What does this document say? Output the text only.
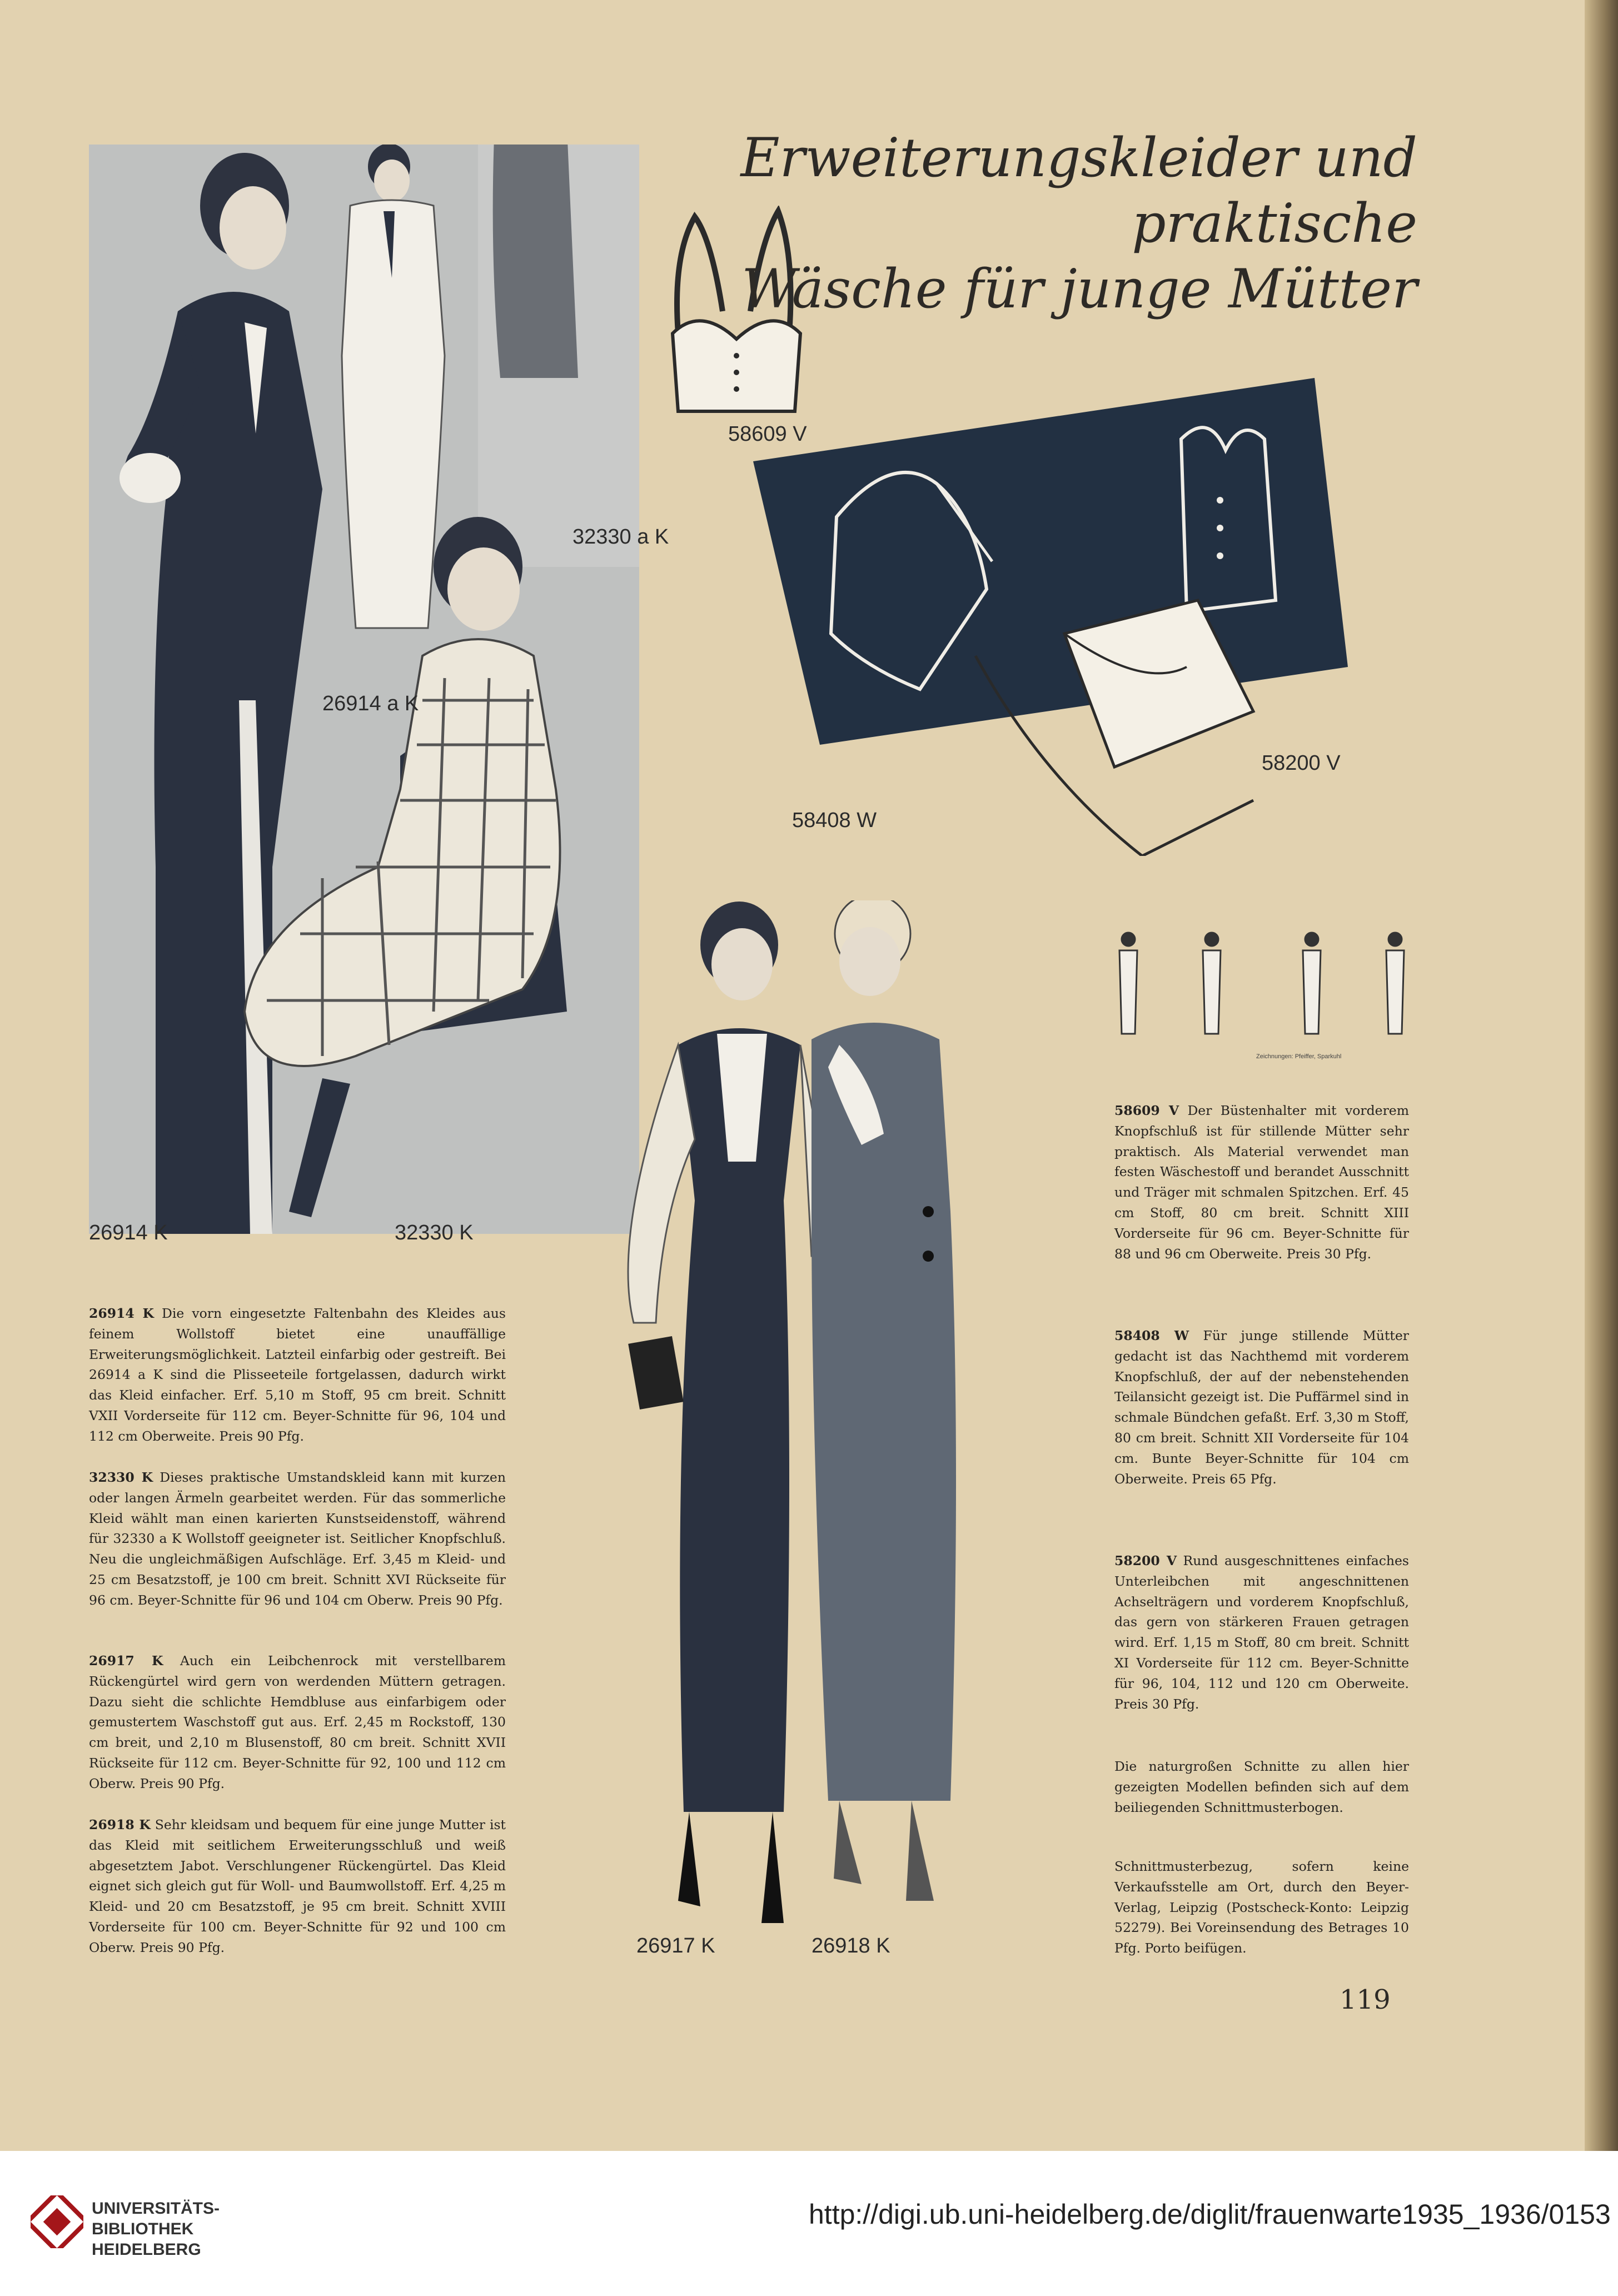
Erweiterungskleider und praktische
Wäsche für junge Mütter
58609 V
58408 W
58200 V
32330 a K
26914 a K
26914 K	32330 K
26917 K	26918 K
Zeichnungen: Pfeiffer, Sparkuhl
26914 K Die vorn eingesetzte Faltenbahn des Kleides aus feinem Wollstoff bietet eine unauffällige Erweiterungsmöglichkeit. Latzteil einfarbig oder gestreift. Bei 26914 a K sind die Plisseeteile fortgelassen, dadurch wirkt das Kleid einfacher. Erf. 5,10 m Stoff, 95 cm breit. Schnitt VXII Vorderseite für 112 cm. Beyer-Schnitte für 96, 104 und 112 cm Oberweite. Preis 90 Pfg.
32330 K Dieses praktische Umstandskleid kann mit kurzen oder langen Ärmeln gearbeitet werden. Für das sommerliche Kleid wählt man einen karierten Kunstseidenstoff, während für 32330 a K Wollstoff geeigneter ist. Seitlicher Knopfschluß. Neu die ungleichmäßigen Aufschläge. Erf. 3,45 m Kleid- und 25 cm Besatzstoff, je 100 cm breit. Schnitt XVI Rückseite für 96 cm. Beyer-Schnitte für 96 und 104 cm Oberw. Preis 90 Pfg.
26917 K Auch ein Leibchenrock mit verstellbarem Rückengürtel wird gern von werdenden Müttern getragen. Dazu sieht die schlichte Hemdbluse aus einfarbigem oder gemustertem Waschstoff gut aus. Erf. 2,45 m Rockstoff, 130 cm breit, und 2,10 m Blusenstoff, 80 cm breit. Schnitt XVII Rückseite für 112 cm. Beyer-Schnitte für 92, 100 und 112 cm Oberw. Preis 90 Pfg.
26918 K Sehr kleidsam und bequem für eine junge Mutter ist das Kleid mit seitlichem Erweiterungsschluß und weiß abgesetztem Jabot. Verschlungener Rückengürtel. Das Kleid eignet sich gleich gut für Woll- und Baumwollstoff. Erf. 4,25 m Kleid- und 20 cm Besatzstoff, je 95 cm breit. Schnitt XVIII Vorderseite für 100 cm. Beyer-Schnitte für 92 und 100 cm Oberw. Preis 90 Pfg.
58609 V Der Büstenhalter mit vorderem Knopfschluß ist für stillende Mütter sehr praktisch. Als Material verwendet man festen Wäschestoff und berandet Ausschnitt und Träger mit schmalen Spitzchen. Erf. 45 cm Stoff, 80 cm breit. Schnitt XIII Vorderseite für 96 cm. Beyer-Schnitte für 88 und 96 cm Oberweite. Preis 30 Pfg.
58408 W Für junge stillende Mütter gedacht ist das Nachthemd mit vorderem Knopfschluß, der auf der nebenstehenden Teilansicht gezeigt ist. Die Puffärmel sind in schmale Bündchen gefaßt. Erf. 3,30 m Stoff, 80 cm breit. Schnitt XII Vorderseite für 104 cm. Bunte Beyer-Schnitte für 104 cm Oberweite. Preis 65 Pfg.
58200 V Rund ausgeschnittenes einfaches Unterleibchen mit angeschnittenen Achselträgern und vorderem Knopfschluß, das gern von stärkeren Frauen getragen wird. Erf. 1,15 m Stoff, 80 cm breit. Schnitt XI Vorderseite für 112 cm. Beyer-Schnitte für 96, 104, 112 und 120 cm Oberweite. Preis 30 Pfg.
Die naturgroßen Schnitte zu allen hier gezeigten Modellen befinden sich auf dem beiliegenden Schnittmusterbogen.
Schnittmusterbezug, sofern keine Verkaufsstelle am Ort, durch den Beyer-Verlag, Leipzig (Postscheck-Konto: Leipzig 52279). Bei Voreinsendung des Betrages 10 Pfg. Porto beifügen.
119
UNIVERSITÄTS-
BIBLIOTHEK
HEIDELBERG
http://digi.ub.uni-heidelberg.de/diglit/frauenwarte1935_1936/0153
